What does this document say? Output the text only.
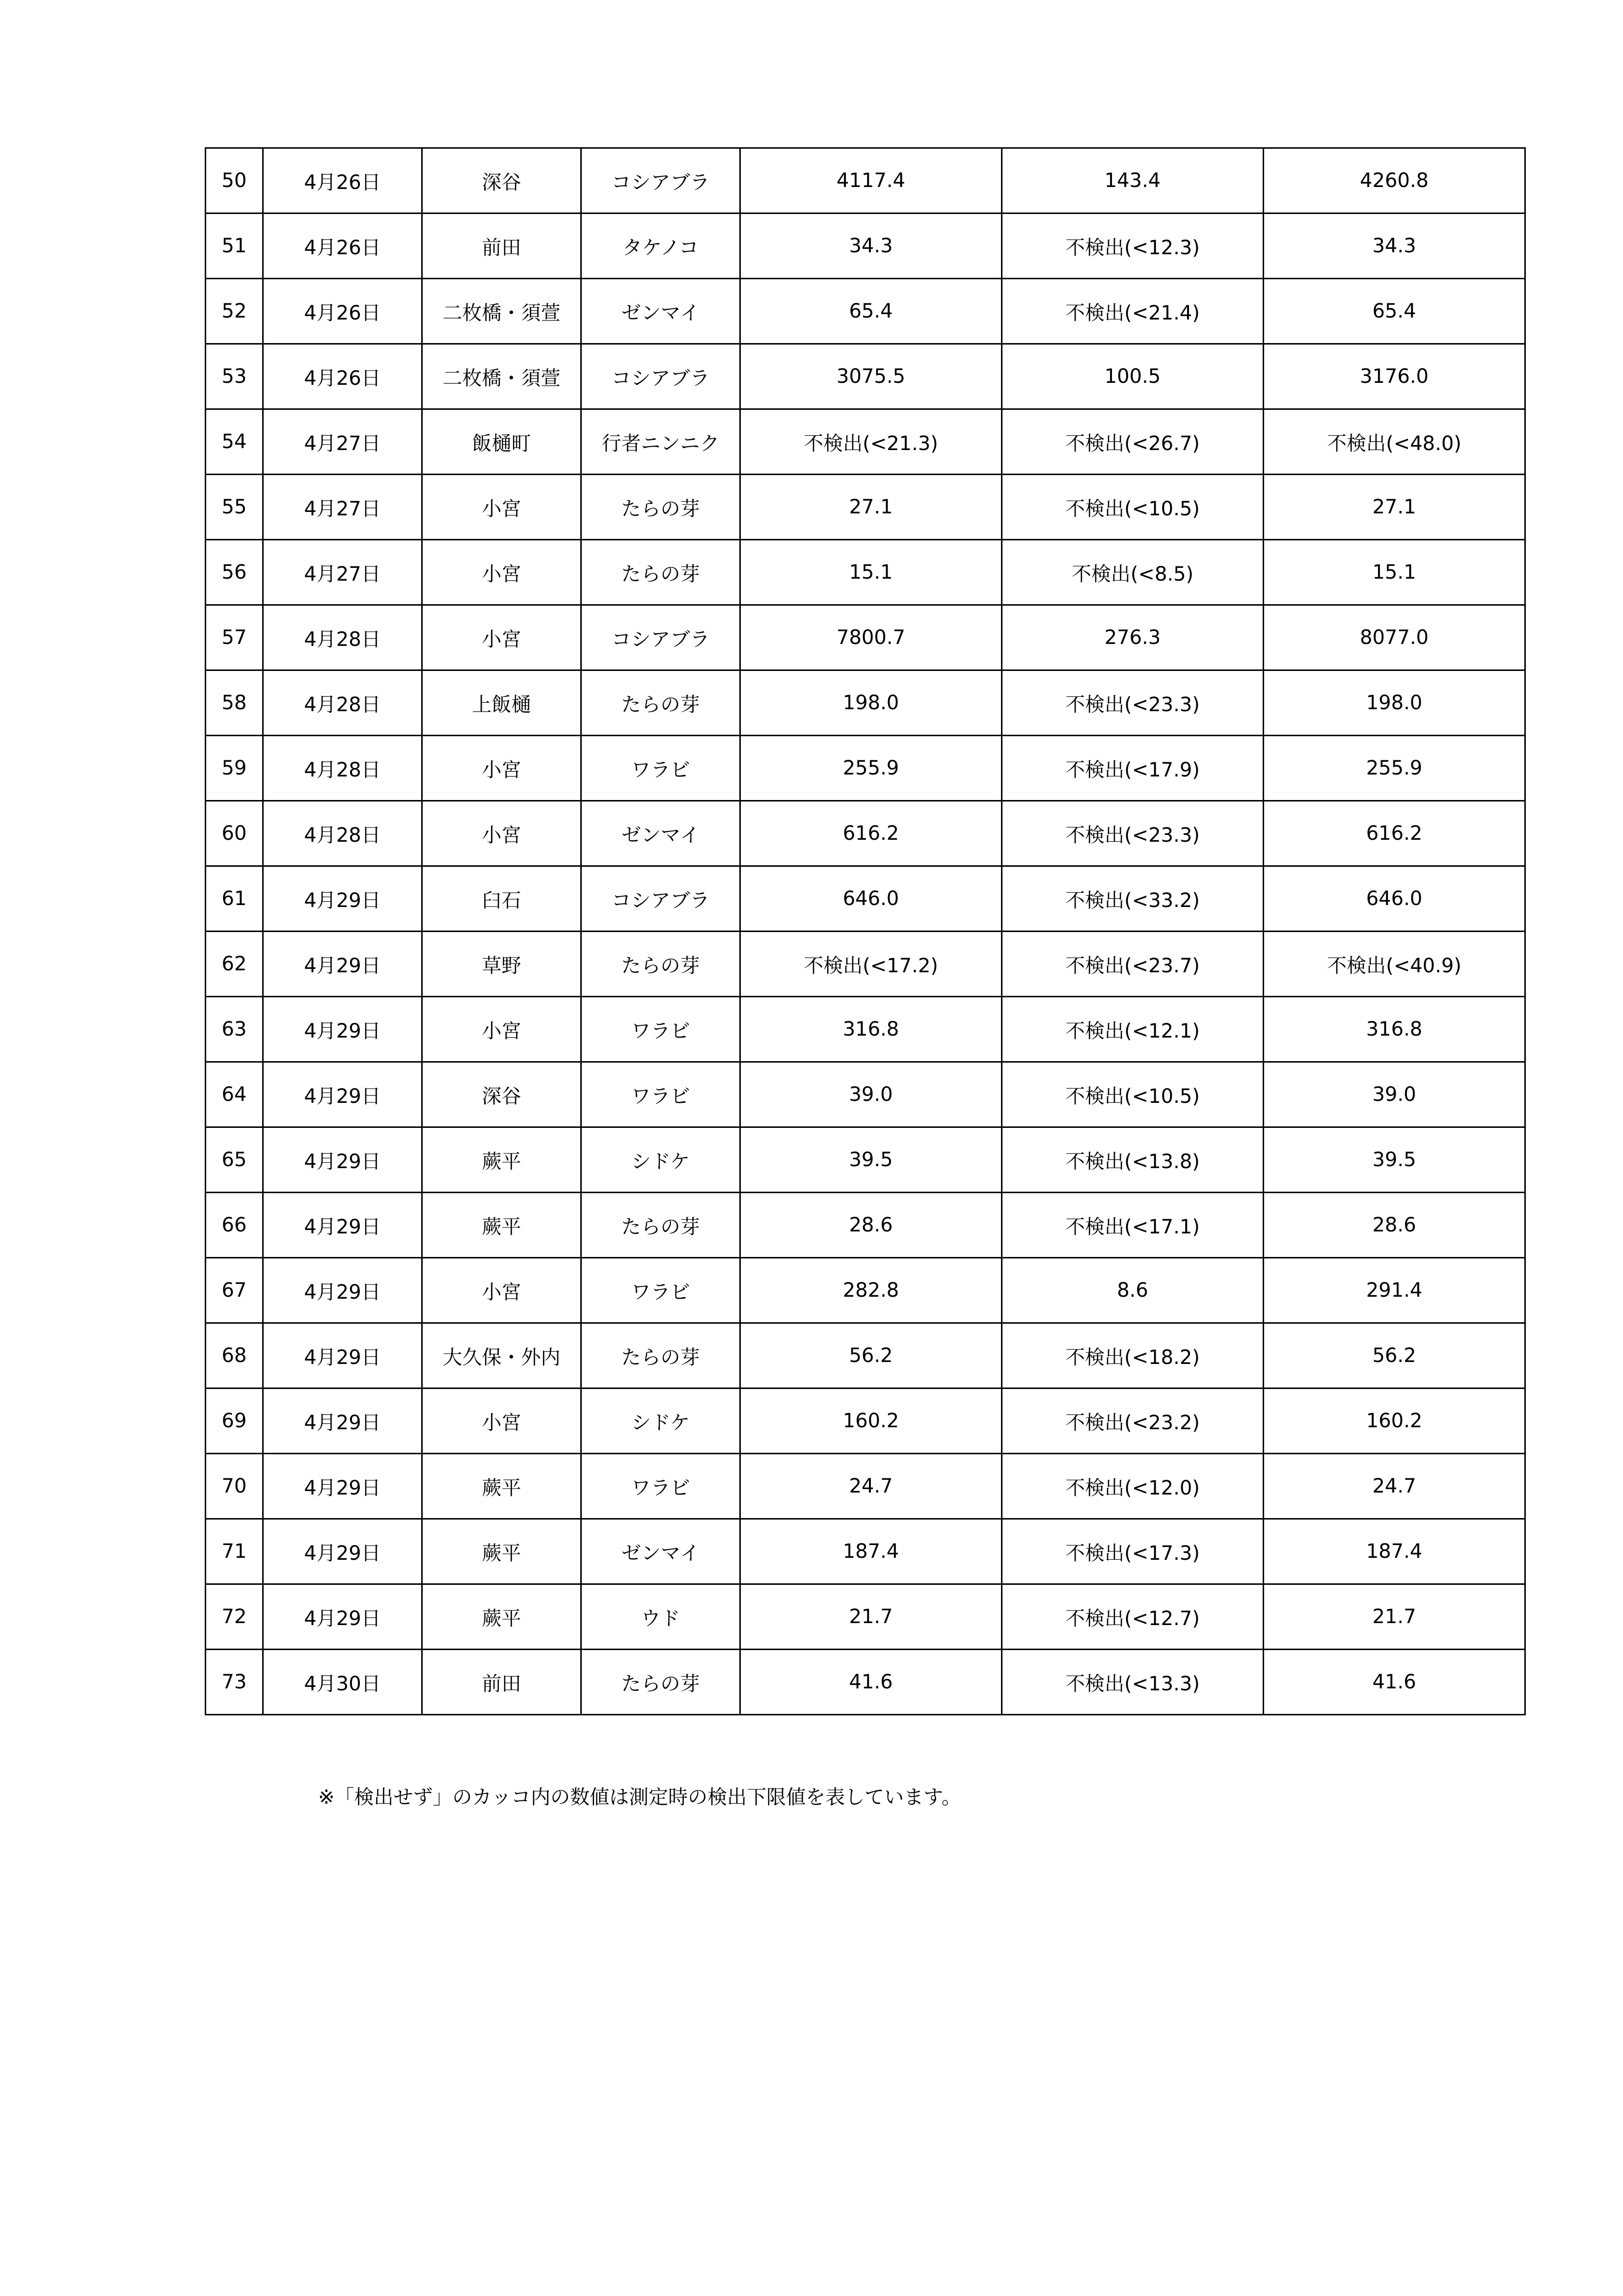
50	4月26日	深谷	コシアブラ	4117.4	143.4	4260.8
51	4月26日	前田	タケノコ	34.3	不検出(<12.3)	34.3
52	4月26日	二枚橋・須萱	ゼンマイ	65.4	不検出(<21.4)	65.4
53	4月26日	二枚橋・須萱	コシアブラ	3075.5	100.5	3176.0
54	4月27日	飯樋町	行者ニンニク	不検出(<21.3)	不検出(<26.7)	不検出(<48.0)
55	4月27日	小宮	たらの芽	27.1	不検出(<10.5)	27.1
56	4月27日	小宮	たらの芽	15.1	不検出(<8.5)	15.1
57	4月28日	小宮	コシアブラ	7800.7	276.3	8077.0
58	4月28日	上飯樋	たらの芽	198.0	不検出(<23.3)	198.0
59	4月28日	小宮	ワラビ	255.9	不検出(<17.9)	255.9
60	4月28日	小宮	ゼンマイ	616.2	不検出(<23.3)	616.2
61	4月29日	臼石	コシアブラ	646.0	不検出(<33.2)	646.0
62	4月29日	草野	たらの芽	不検出(<17.2)	不検出(<23.7)	不検出(<40.9)
63	4月29日	小宮	ワラビ	316.8	不検出(<12.1)	316.8
64	4月29日	深谷	ワラビ	39.0	不検出(<10.5)	39.0
65	4月29日	蕨平	シドケ	39.5	不検出(<13.8)	39.5
66	4月29日	蕨平	たらの芽	28.6	不検出(<17.1)	28.6
67	4月29日	小宮	ワラビ	282.8	8.6	291.4
68	4月29日	大久保・外内	たらの芽	56.2	不検出(<18.2)	56.2
69	4月29日	小宮	シドケ	160.2	不検出(<23.2)	160.2
70	4月29日	蕨平	ワラビ	24.7	不検出(<12.0)	24.7
71	4月29日	蕨平	ゼンマイ	187.4	不検出(<17.3)	187.4
72	4月29日	蕨平	ウド	21.7	不検出(<12.7)	21.7
73	4月30日	前田	たらの芽	41.6	不検出(<13.3)	41.6
※「検出せず」のカッコ内の数値は測定時の検出下限値を表しています。
